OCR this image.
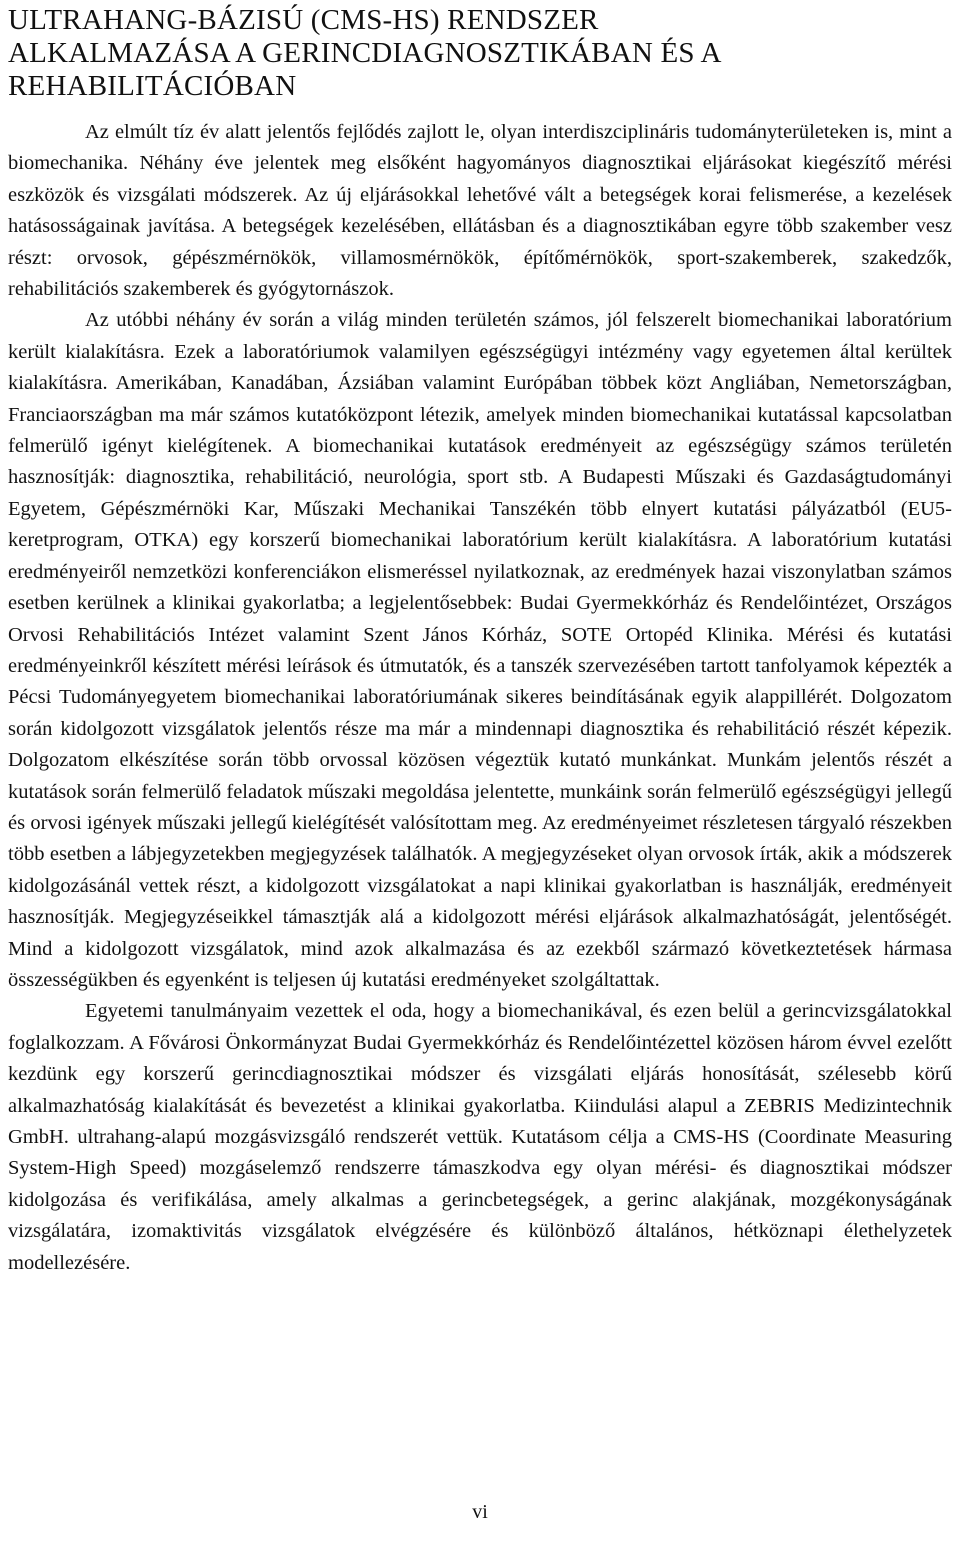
ULTRAHANG-BÁZISÚ (CMS-HS) RENDSZER
ALKALMAZÁSA A GERINCDIAGNOSZTIKÁBAN ÉS A
REHABILITÁCIÓBAN

Az elmúlt tíz év alatt jelentős fejlődés zajlott le, olyan interdiszciplináris tudományterületeken is, mint a biomechanika. Néhány éve jelentek meg elsőként hagyományos diagnosztikai eljárásokat kiegészítő mérési eszközök és vizsgálati módszerek. Az új eljárásokkal lehetővé vált a betegségek korai felismerése, a kezelések hatásosságainak javítása. A betegségek kezelésében, ellátásban és a diagnosztikában egyre több szakember vesz részt: orvosok, gépészmérnökök, villamosmérnökök, építőmérnökök, sport-szakemberek, szakedzők, rehabilitációs szakemberek és gyógytornászok.

Az utóbbi néhány év során a világ minden területén számos, jól felszerelt biomechanikai laboratórium került kialakításra. Ezek a laboratóriumok valamilyen egészségügyi intézmény vagy egyetemen által kerültek kialakításra. Amerikában, Kanadában, Ázsiában valamint Európában többek közt Angliában, Nemetországban, Franciaországban ma már számos kutatóközpont létezik, amelyek minden biomechanikai kutatással kapcsolatban felmerülő igényt kielégítenek. A biomechanikai kutatások eredményeit az egészségügy számos területén hasznosítják: diagnosztika, rehabilitáció, neurológia, sport stb. A Budapesti Műszaki és Gazdaságtudományi Egyetem, Gépészmérnöki Kar, Műszaki Mechanikai Tanszékén több elnyert kutatási pályázatból (EU5-keretprogram, OTKA) egy korszerű biomechanikai laboratórium került kialakításra. A laboratórium kutatási eredményeiről nemzetközi konferenciákon elismeréssel nyilatkoznak, az eredmények hazai viszonylatban számos esetben kerülnek a klinikai gyakorlatba; a legjelentősebbek: Budai Gyermekkórház és Rendelőintézet, Országos Orvosi Rehabilitációs Intézet valamint Szent János Kórház, SOTE Ortopéd Klinika. Mérési és kutatási eredményeinkről készített mérési leírások és útmutatók, és a tanszék szervezésében tartott tanfolyamok képezték a Pécsi Tudományegyetem biomechanikai laboratóriumának sikeres beindításának egyik alappillérét. Dolgozatom során kidolgozott vizsgálatok jelentős része ma már a mindennapi diagnosztika és rehabilitáció részét képezik. Dolgozatom elkészítése során több orvossal közösen végeztük kutató munkánkat. Munkám jelentős részét a kutatások során felmerülő feladatok műszaki megoldása jelentette, munkáink során felmerülő egészségügyi jellegű és orvosi igények műszaki jellegű kielégítését valósítottam meg. Az eredményeimet részletesen tárgyaló részekben több esetben a lábjegyzetekben megjegyzések találhatók. A megjegyzéseket olyan orvosok írták, akik a módszerek kidolgozásánál vettek részt, a kidolgozott vizsgálatokat a napi klinikai gyakorlatban is használják, eredményeit hasznosítják. Megjegyzéseikkel támasztják alá a kidolgozott mérési eljárások alkalmazhatóságát, jelentőségét. Mind a kidolgozott vizsgálatok, mind azok alkalmazása és az ezekből származó következtetések hármasa összességükben és egyenként is teljesen új kutatási eredményeket szolgáltattak.

Egyetemi tanulmányaim vezettek el oda, hogy a biomechanikával, és ezen belül a gerincvizsgálatokkal foglalkozzam. A Fővárosi Önkormányzat Budai Gyermekkórház és Rendelőintézettel közösen három évvel ezelőtt kezdünk egy korszerű gerincdiagnosztikai módszer és vizsgálati eljárás honosítását, szélesebb körű alkalmazhatóság kialakítását és bevezetést a klinikai gyakorlatba. Kiindulási alapul a ZEBRIS Medizintechnik GmbH. ultrahang-alapú mozgásvizsgáló rendszerét vettük. Kutatásom célja a CMS-HS (Coordinate Measuring System-High Speed) mozgáselemző rendszerre támaszkodva egy olyan mérési- és diagnosztikai módszer kidolgozása és verifikálása, amely alkalmas a gerincbetegségek, a gerinc alakjának, mozgékonyságának vizsgálatára, izomaktivitás vizsgálatok elvégzésére és különböző általános, hétköznapi élethelyzetek modellezésére.

vi
